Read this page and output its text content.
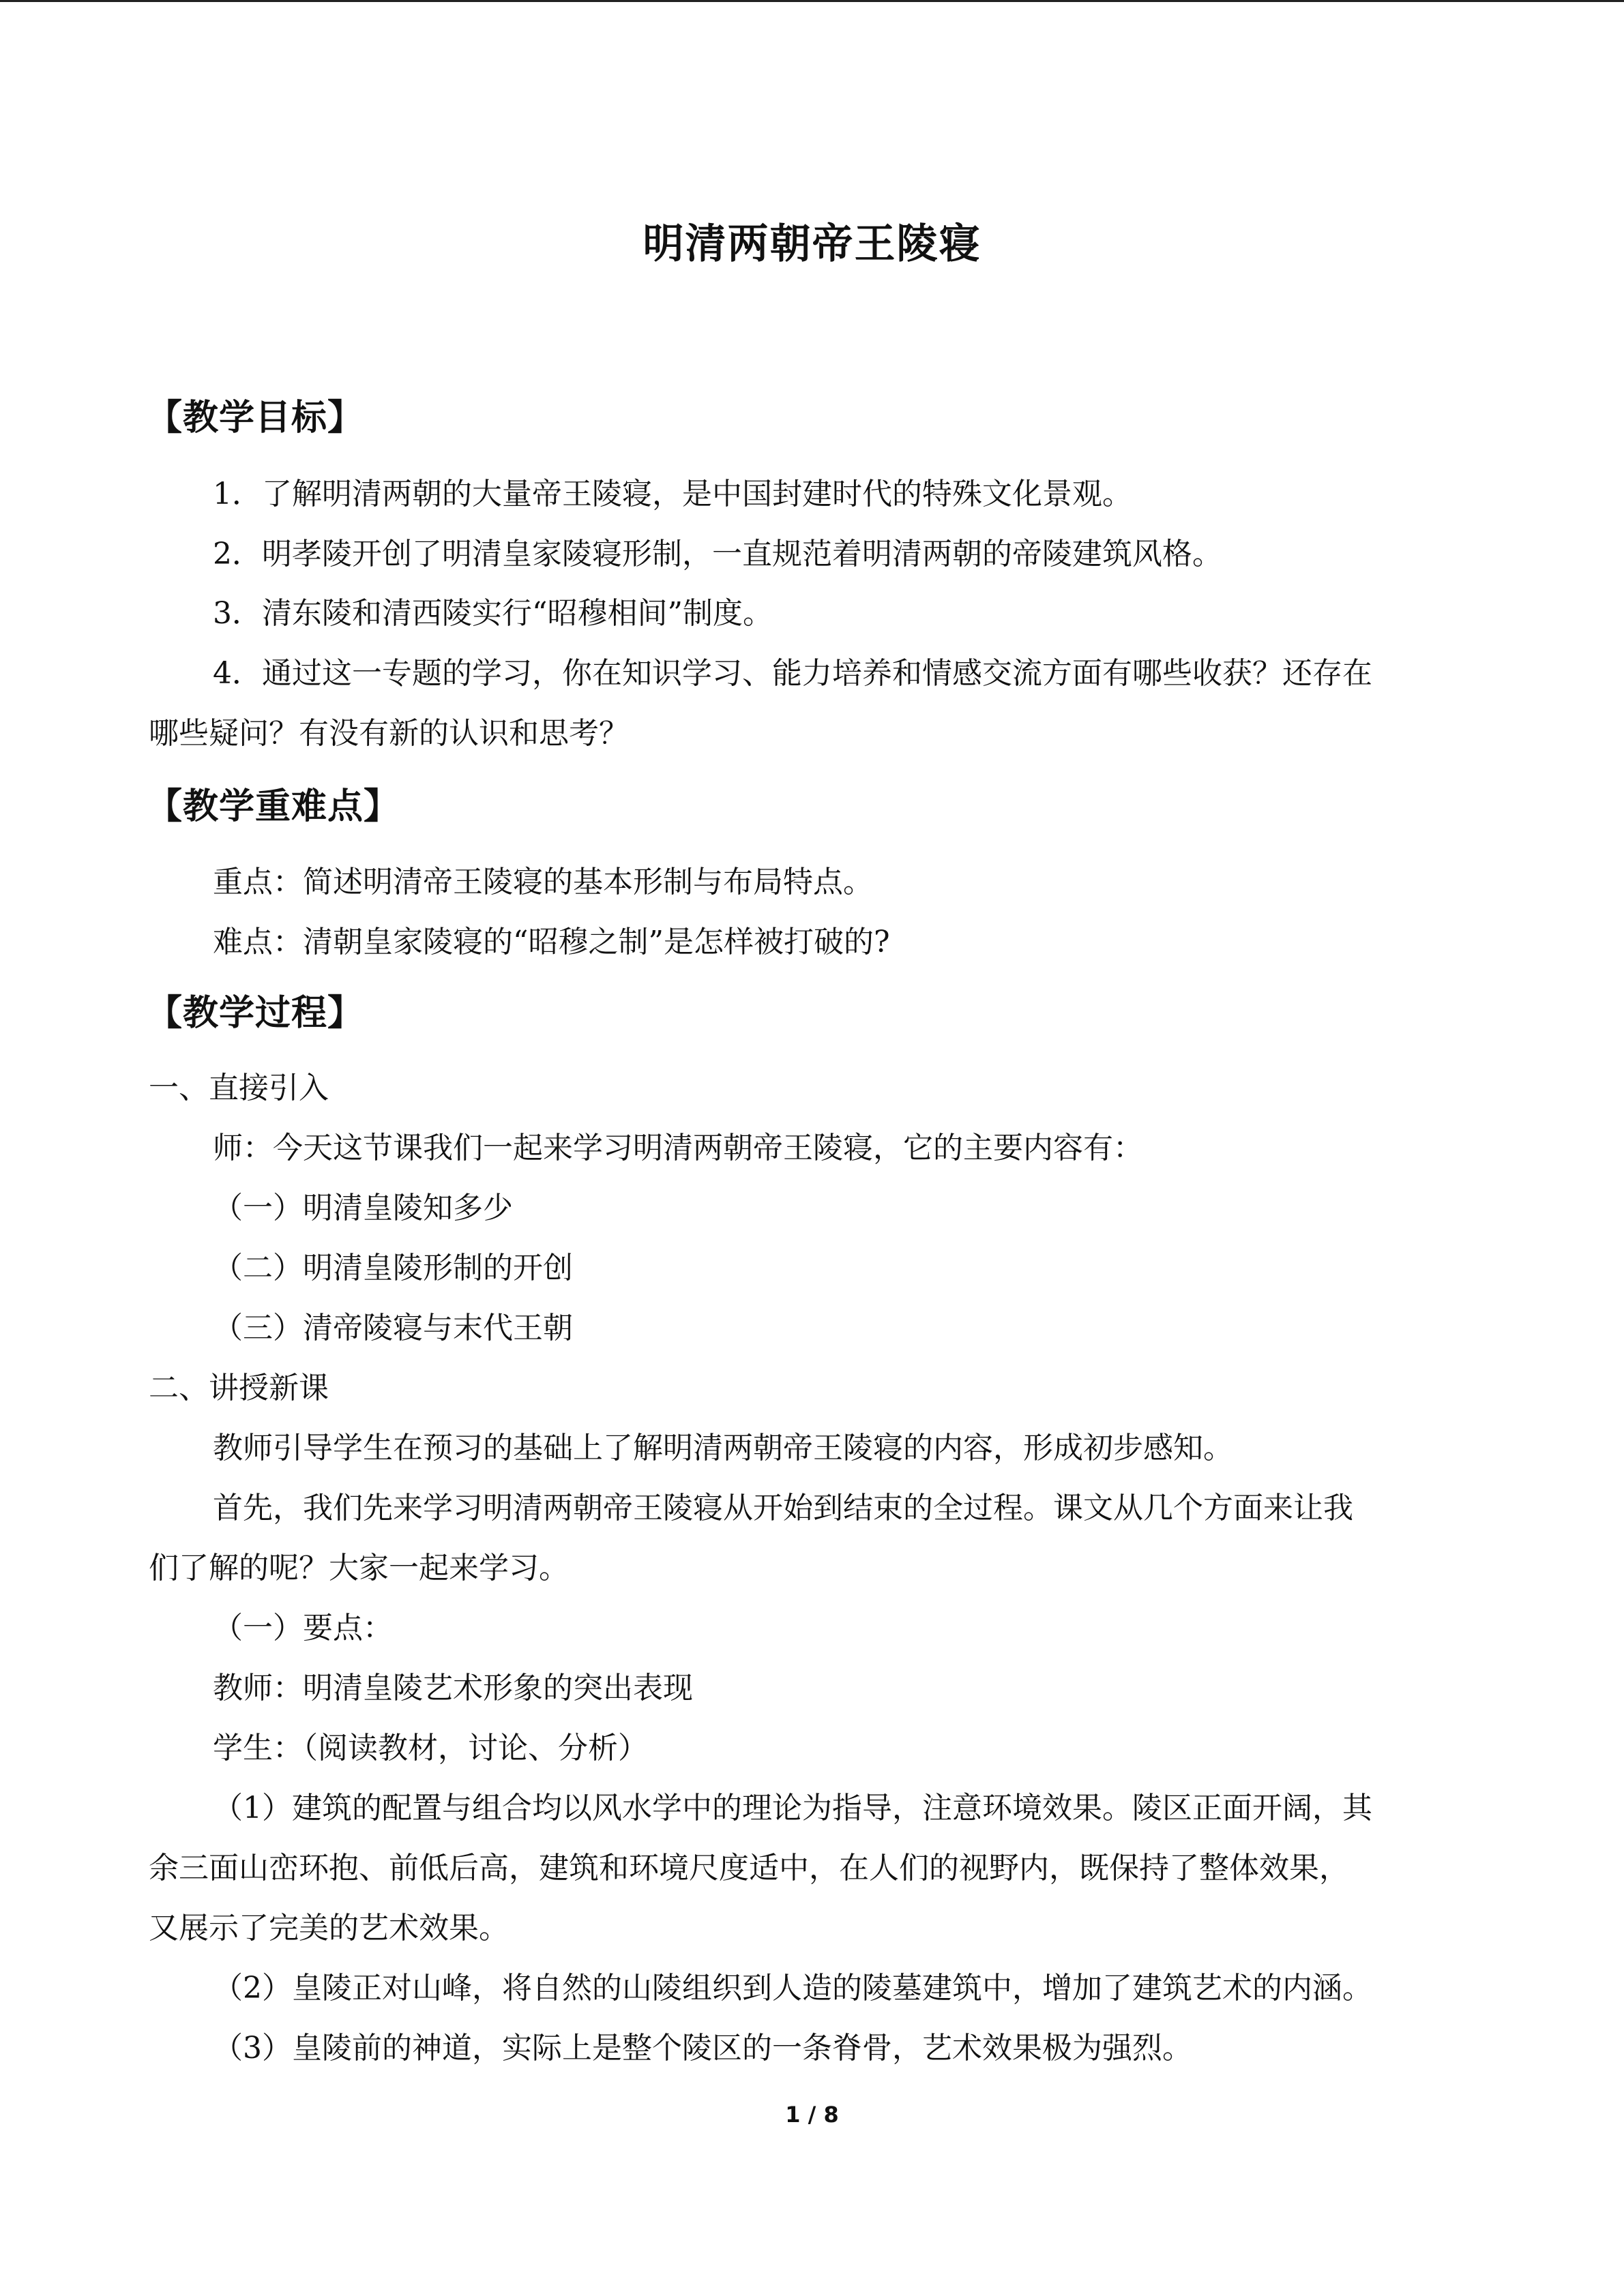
明清两朝帝王陵寝
【教学目标】
1．了解明清两朝的大量帝王陵寝，是中国封建时代的特殊文化景观。
2．明孝陵开创了明清皇家陵寝形制，一直规范着明清两朝的帝陵建筑风格。
3．清东陵和清西陵实行“昭穆相间”制度。
4．通过这一专题的学习，你在知识学习、能力培养和情感交流方面有哪些收获？还存在
哪些疑问？有没有新的认识和思考？
【教学重难点】
重点：简述明清帝王陵寝的基本形制与布局特点。
难点：清朝皇家陵寝的“昭穆之制”是怎样被打破的?
【教学过程】
一、直接引入
师：今天这节课我们一起来学习明清两朝帝王陵寝，它的主要内容有：
（一）明清皇陵知多少
（二）明清皇陵形制的开创
（三）清帝陵寝与末代王朝
二、讲授新课
教师引导学生在预习的基础上了解明清两朝帝王陵寝的内容，形成初步感知。
首先，我们先来学习明清两朝帝王陵寝从开始到结束的全过程。课文从几个方面来让我
们了解的呢？大家一起来学习。
（一）要点：
教师：明清皇陵艺术形象的突出表现
学生：（阅读教材，讨论、分析）
（1）建筑的配置与组合均以风水学中的理论为指导，注意环境效果。陵区正面开阔，其
余三面山峦环抱、前低后高，建筑和环境尺度适中，在人们的视野内，既保持了整体效果，
又展示了完美的艺术效果。
（2）皇陵正对山峰，将自然的山陵组织到人造的陵墓建筑中，增加了建筑艺术的内涵。
（3）皇陵前的神道，实际上是整个陵区的一条脊骨，艺术效果极为强烈。
1 / 8
